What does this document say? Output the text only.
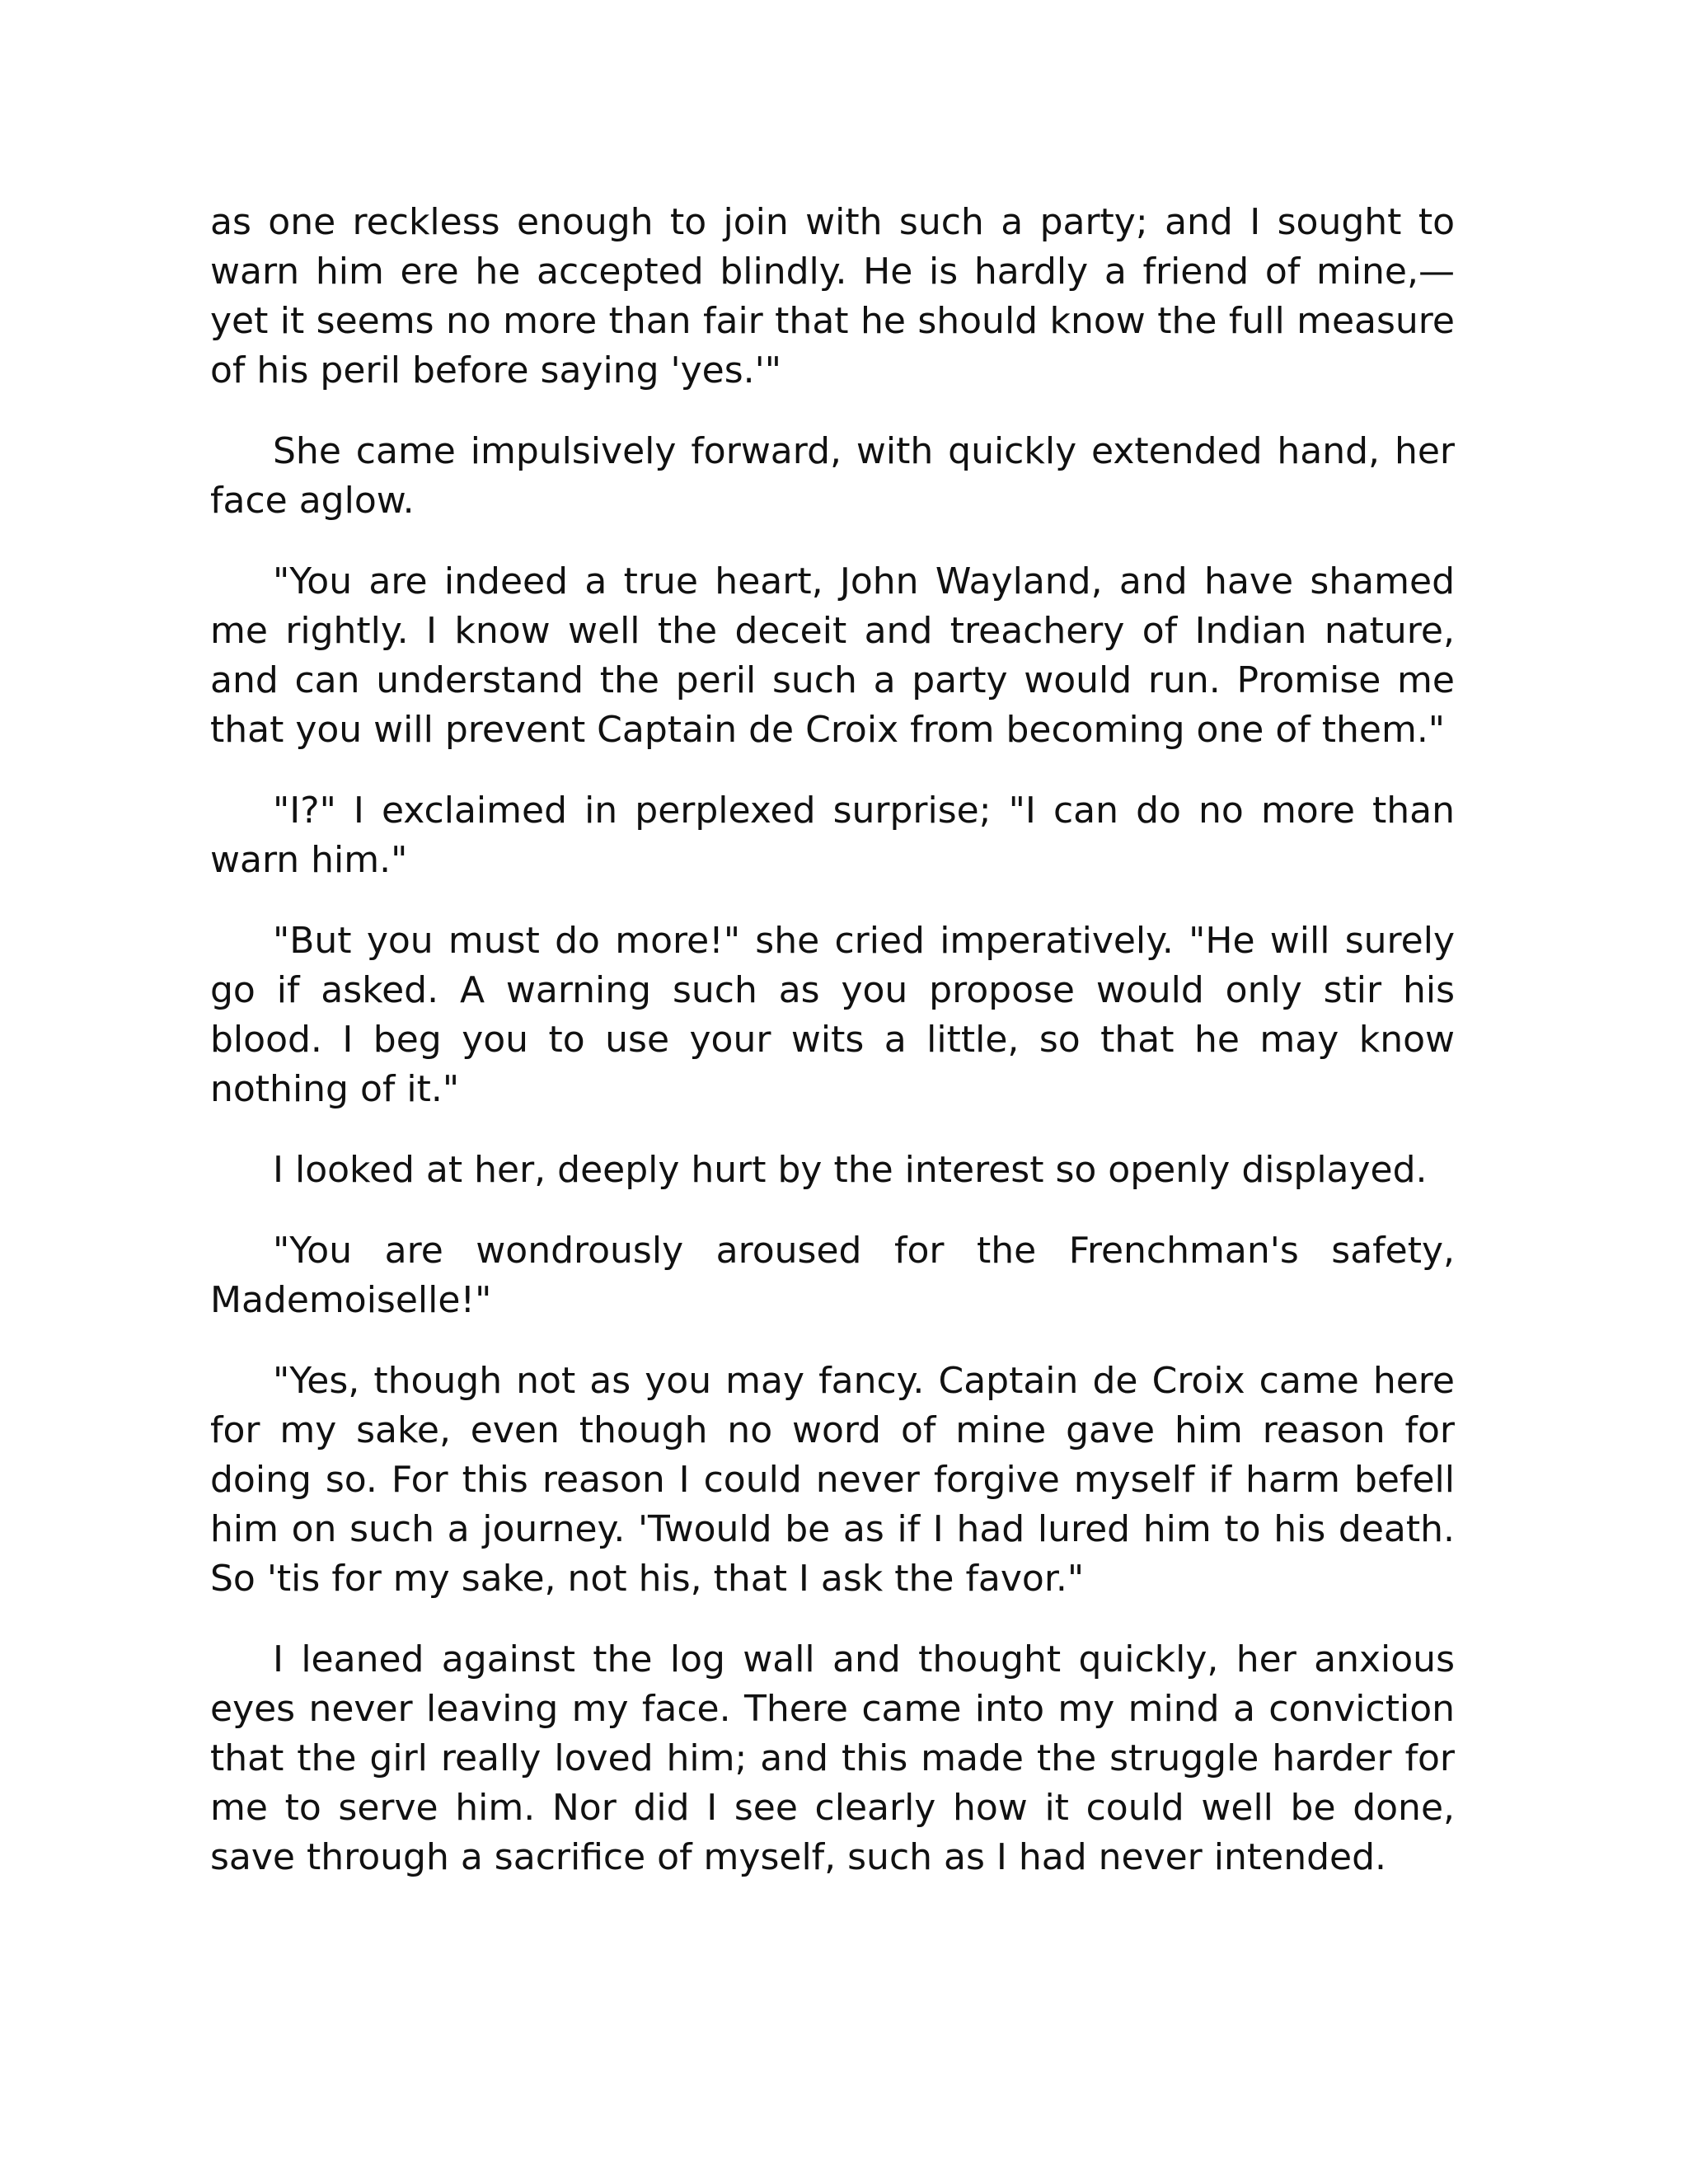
as one reckless enough to join with such a party; and I sought to warn him ere he accepted blindly. He is hardly a friend of mine,—yet it seems no more than fair that he should know the full measure of his peril before saying 'yes.'"

She came impulsively forward, with quickly extended hand, her face aglow.

"You are indeed a true heart, John Wayland, and have shamed me rightly. I know well the deceit and treachery of Indian nature, and can understand the peril such a party would run. Promise me that you will prevent Captain de Croix from becoming one of them."

"I?" I exclaimed in perplexed surprise; "I can do no more than warn him."

"But you must do more!" she cried imperatively. "He will surely go if asked. A warning such as you propose would only stir his blood. I beg you to use your wits a little, so that he may know nothing of it."

I looked at her, deeply hurt by the interest so openly displayed.

"You are wondrously aroused for the Frenchman's safety, Mademoiselle!"

"Yes, though not as you may fancy. Captain de Croix came here for my sake, even though no word of mine gave him reason for doing so. For this reason I could never forgive myself if harm befell him on such a journey. 'Twould be as if I had lured him to his death. So 'tis for my sake, not his, that I ask the favor."

I leaned against the log wall and thought quickly, her anxious eyes never leaving my face. There came into my mind a conviction that the girl really loved him; and this made the struggle harder for me to serve him. Nor did I see clearly how it could well be done, save through a sacrifice of myself, such as I had never intended.
